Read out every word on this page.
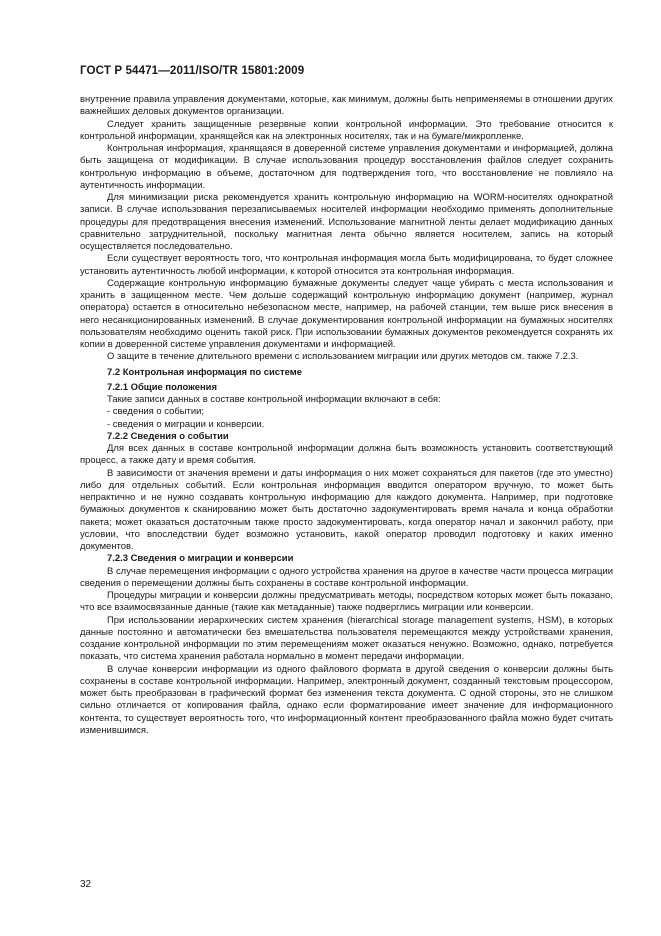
ГОСТ Р 54471—2011/ISO/TR 15801:2009

внутренние правила управления документами, которые, как минимум, должны быть неприменяемы в отношении других важнейших деловых документов организации.

Следует хранить защищенные резервные копии контрольной информации. Это требование относится к контрольной информации, хранящейся как на электронных носителях, так и на бумаге/микропленке.

Контрольная информация, хранящаяся в доверенной системе управления документами и информацией, должна быть защищена от модификации. В случае использования процедур восстановления файлов следует сохранить контрольную информацию в объеме, достаточном для подтверждения того, что восстановление не повлияло на аутентичность информации.

Для минимизации риска рекомендуется хранить контрольную информацию на WORM-носителях однократной записи. В случае использования перезаписываемых носителей информации необходимо применять дополнительные процедуры для предотвращения внесения изменений. Использование магнитной ленты делает модификацию данных сравнительно затруднительной, поскольку магнитная лента обычно является носителем, запись на который осуществляется последовательно.

Если существует вероятность того, что контрольная информация могла быть модифицирована, то будет сложнее установить аутентичность любой информации, к которой относится эта контрольная информация.

Содержащие контрольную информацию бумажные документы следует чаще убирать с места использования и хранить в защищенном месте. Чем дольше содержащий контрольную информацию документ (например, журнал оператора) остается в относительно небезопасном месте, например, на рабочей станции, тем выше риск внесения в него несанкционированных изменений. В случае документирования контрольной информации на бумажных носителях пользователям необходимо оценить такой риск. При использовании бумажных документов рекомендуется сохранять их копии в доверенной системе управления документами и информацией.

О защите в течение длительного времени с использованием миграции или других методов см. также 7.2.3.

7.2 Контрольная информация по системе
7.2.1 Общие положения

Такие записи данных в составе контрольной информации включают в себя:

- сведения о событии;
- сведения о миграции и конверсии.
7.2.2 Сведения о событии

Для всех данных в составе контрольной информации должна быть возможность установить соответствующий процесс, а также дату и время события.

В зависимости от значения времени и даты информация о них может сохраняться для пакетов (где это уместно) либо для отдельных событий. Если контрольная информация вводится оператором вручную, то может быть непрактично и не нужно создавать контрольную информацию для каждого документа. Например, при подготовке бумажных документов к сканированию может быть достаточно задокументировать время начала и конца обработки пакета; может оказаться достаточным также просто задокументировать, когда оператор начал и закончил работу, при условии, что впоследствии будет возможно установить, какой оператор проводил подготовку и каких именно документов.

7.2.3 Сведения о миграции и конверсии

В случае перемещения информации с одного устройства хранения на другое в качестве части процесса миграции сведения о перемещении должны быть сохранены в составе контрольной информации.

Процедуры миграции и конверсии должны предусматривать методы, посредством которых может быть показано, что все взаимосвязанные данные (такие как метаданные) также подверглись миграции или конверсии.

При использовании иерархических систем хранения (hierarchical storage management systems, HSM), в которых данные постоянно и автоматически без вмешательства пользователя перемещаются между устройствами хранения, создание контрольной информации по этим перемещениям может оказаться ненужно. Возможно, однако, потребуется показать, что система хранения работала нормально в момент передачи информации.

В случае конверсии информации из одного файлового формата в другой сведения о конверсии должны быть сохранены в составе контрольной информации. Например, электронный документ, созданный текстовым процессором, может быть преобразован в графический формат без изменения текста документа. С одной стороны, это не слишком сильно отличается от копирования файла, однако если форматирование имеет значение для информационного контента, то существует вероятность того, что информационный контент преобразованного файла можно будет считать изменившимся.

32
